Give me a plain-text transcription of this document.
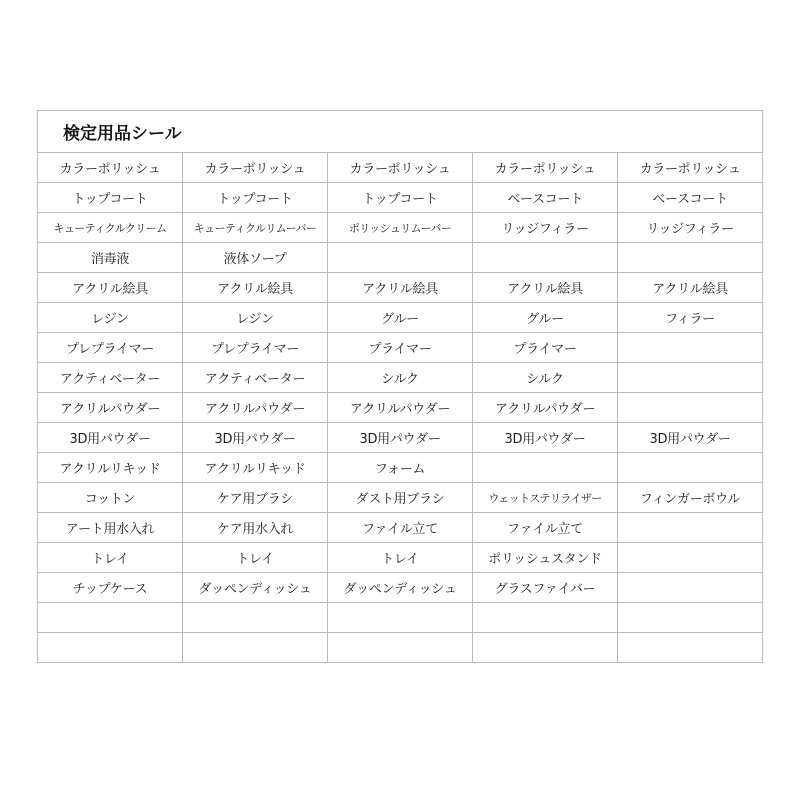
検定用品シール
カラーポリッシュ	カラーポリッシュ	カラーポリッシュ	カラーポリッシュ	カラーポリッシュ
トップコート	トップコート	トップコート	ベースコート	ベースコート
キューティクルクリーム	キューティクルリムーバー	ポリッシュリムーバー	リッジフィラー	リッジフィラー
消毒液	液体ソープ
アクリル絵具	アクリル絵具	アクリル絵具	アクリル絵具	アクリル絵具
レジン	レジン	グルー	グルー	フィラー
プレプライマー	プレプライマー	プライマー	プライマー
アクティベーター	アクティベーター	シルク	シルク
アクリルパウダー	アクリルパウダー	アクリルパウダー	アクリルパウダー
3D用パウダー	3D用パウダー	3D用パウダー	3D用パウダー	3D用パウダー
アクリルリキッド	アクリルリキッド	フォーム
コットン	ケア用ブラシ	ダスト用ブラシ	ウェットステリライザー	フィンガーボウル
アート用水入れ	ケア用水入れ	ファイル立て	ファイル立て
トレイ	トレイ	トレイ	ポリッシュスタンド
チップケース	ダッペンディッシュ	ダッペンディッシュ	グラスファイバー
